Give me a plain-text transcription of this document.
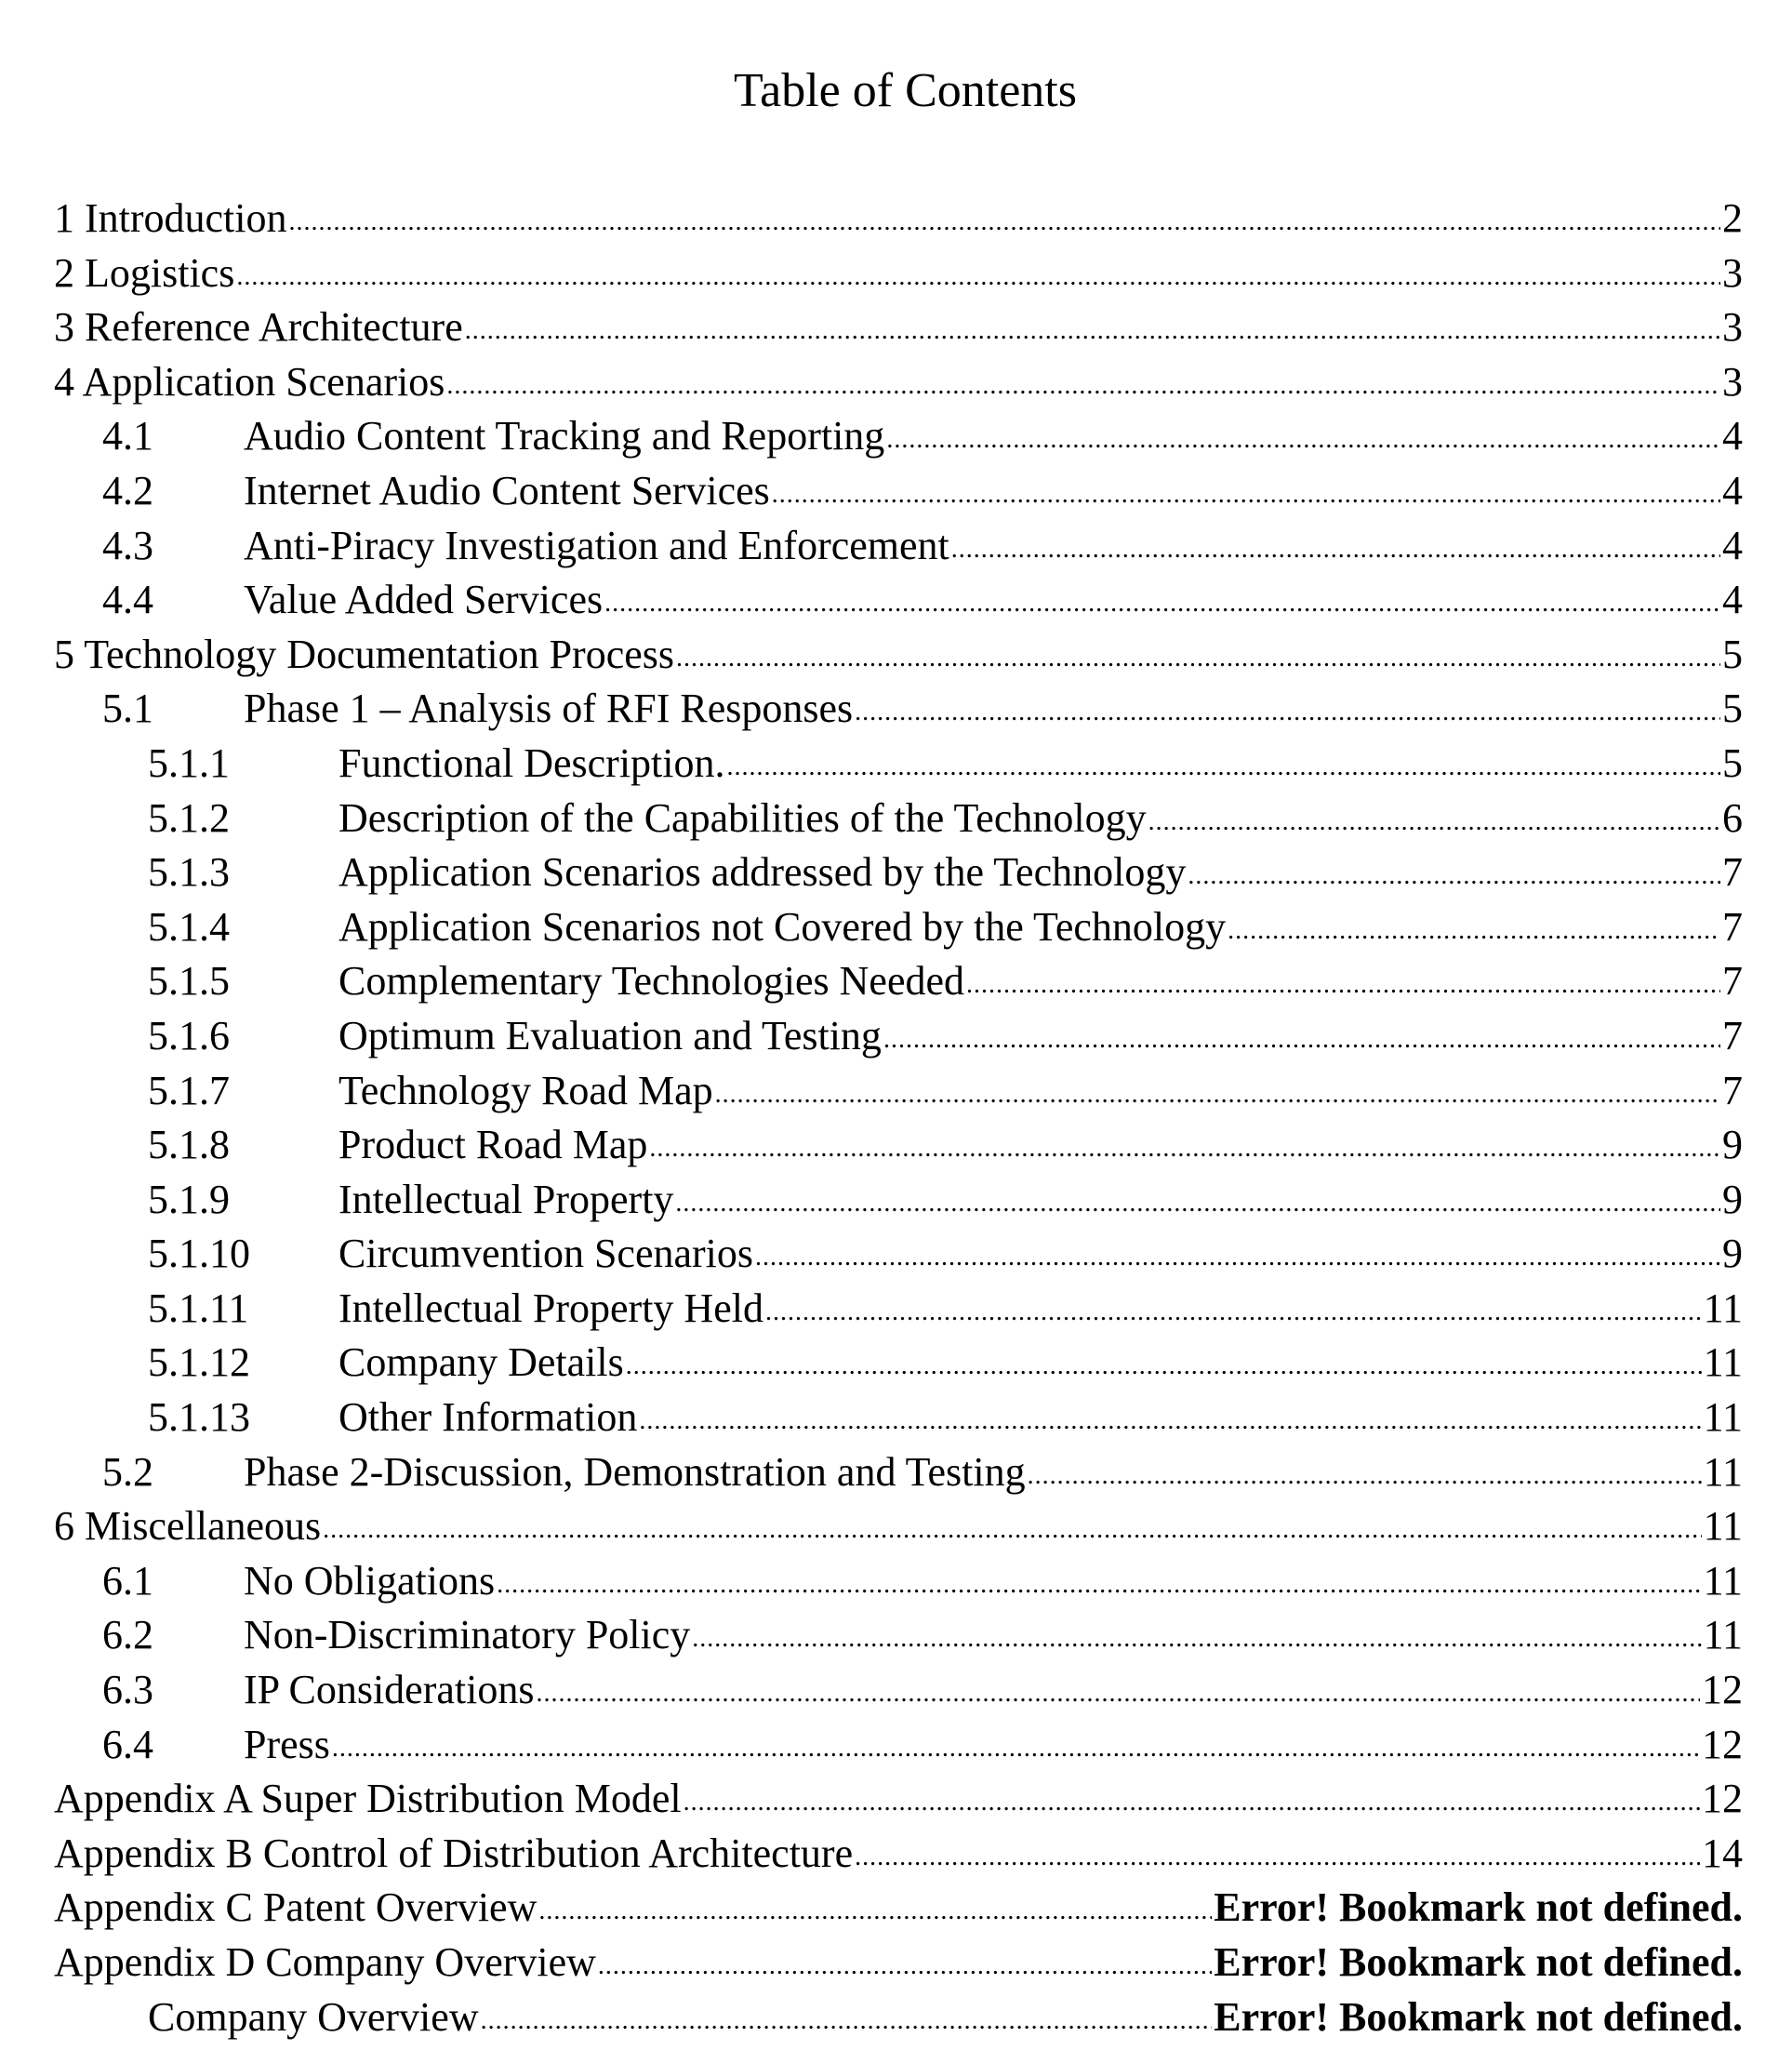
Table of Contents
1 Introduction
.....	2
2 Logistics
.....	3
3 Reference Architecture
.....	3
4 Application Scenarios
.....	3
4.1	Audio Content Tracking and Reporting
.....	4
4.2	Internet Audio Content Services
.....	4
4.3	Anti-Piracy Investigation and Enforcement
.....	4
4.4	Value Added Services
.....	4
5 Technology Documentation Process
.....	5
5.1	Phase 1 – Analysis of RFI Responses
.....	5
5.1.1	Functional Description.
.....	5
5.1.2	Description of the Capabilities of the Technology
.....	6
5.1.3	Application Scenarios addressed by the Technology
.....	7
5.1.4	Application Scenarios not Covered by the Technology
.....	7
5.1.5	Complementary Technologies Needed
.....	7
5.1.6	Optimum Evaluation and Testing
.....	7
5.1.7	Technology Road Map
.....	7
5.1.8	Product Road Map
.....	9
5.1.9	Intellectual Property
.....	9
5.1.10	Circumvention Scenarios
.....	9
5.1.11	Intellectual Property Held
.....	11
5.1.12	Company Details
.....	11
5.1.13	Other Information
.....	11
5.2	Phase 2-Discussion, Demonstration and Testing
.....	11
6 Miscellaneous
.....	11
6.1	No Obligations
.....	11
6.2	Non-Discriminatory Policy
.....	11
6.3	IP Considerations
.....	12
6.4	Press
.....	12
Appendix A Super Distribution Model
.....	12
Appendix B Control of Distribution Architecture
.....	14
Appendix C Patent Overview
.....	Error! Bookmark not defined.
Appendix D Company Overview
.....	Error! Bookmark not defined.
Company Overview
.....	Error! Bookmark not defined.
